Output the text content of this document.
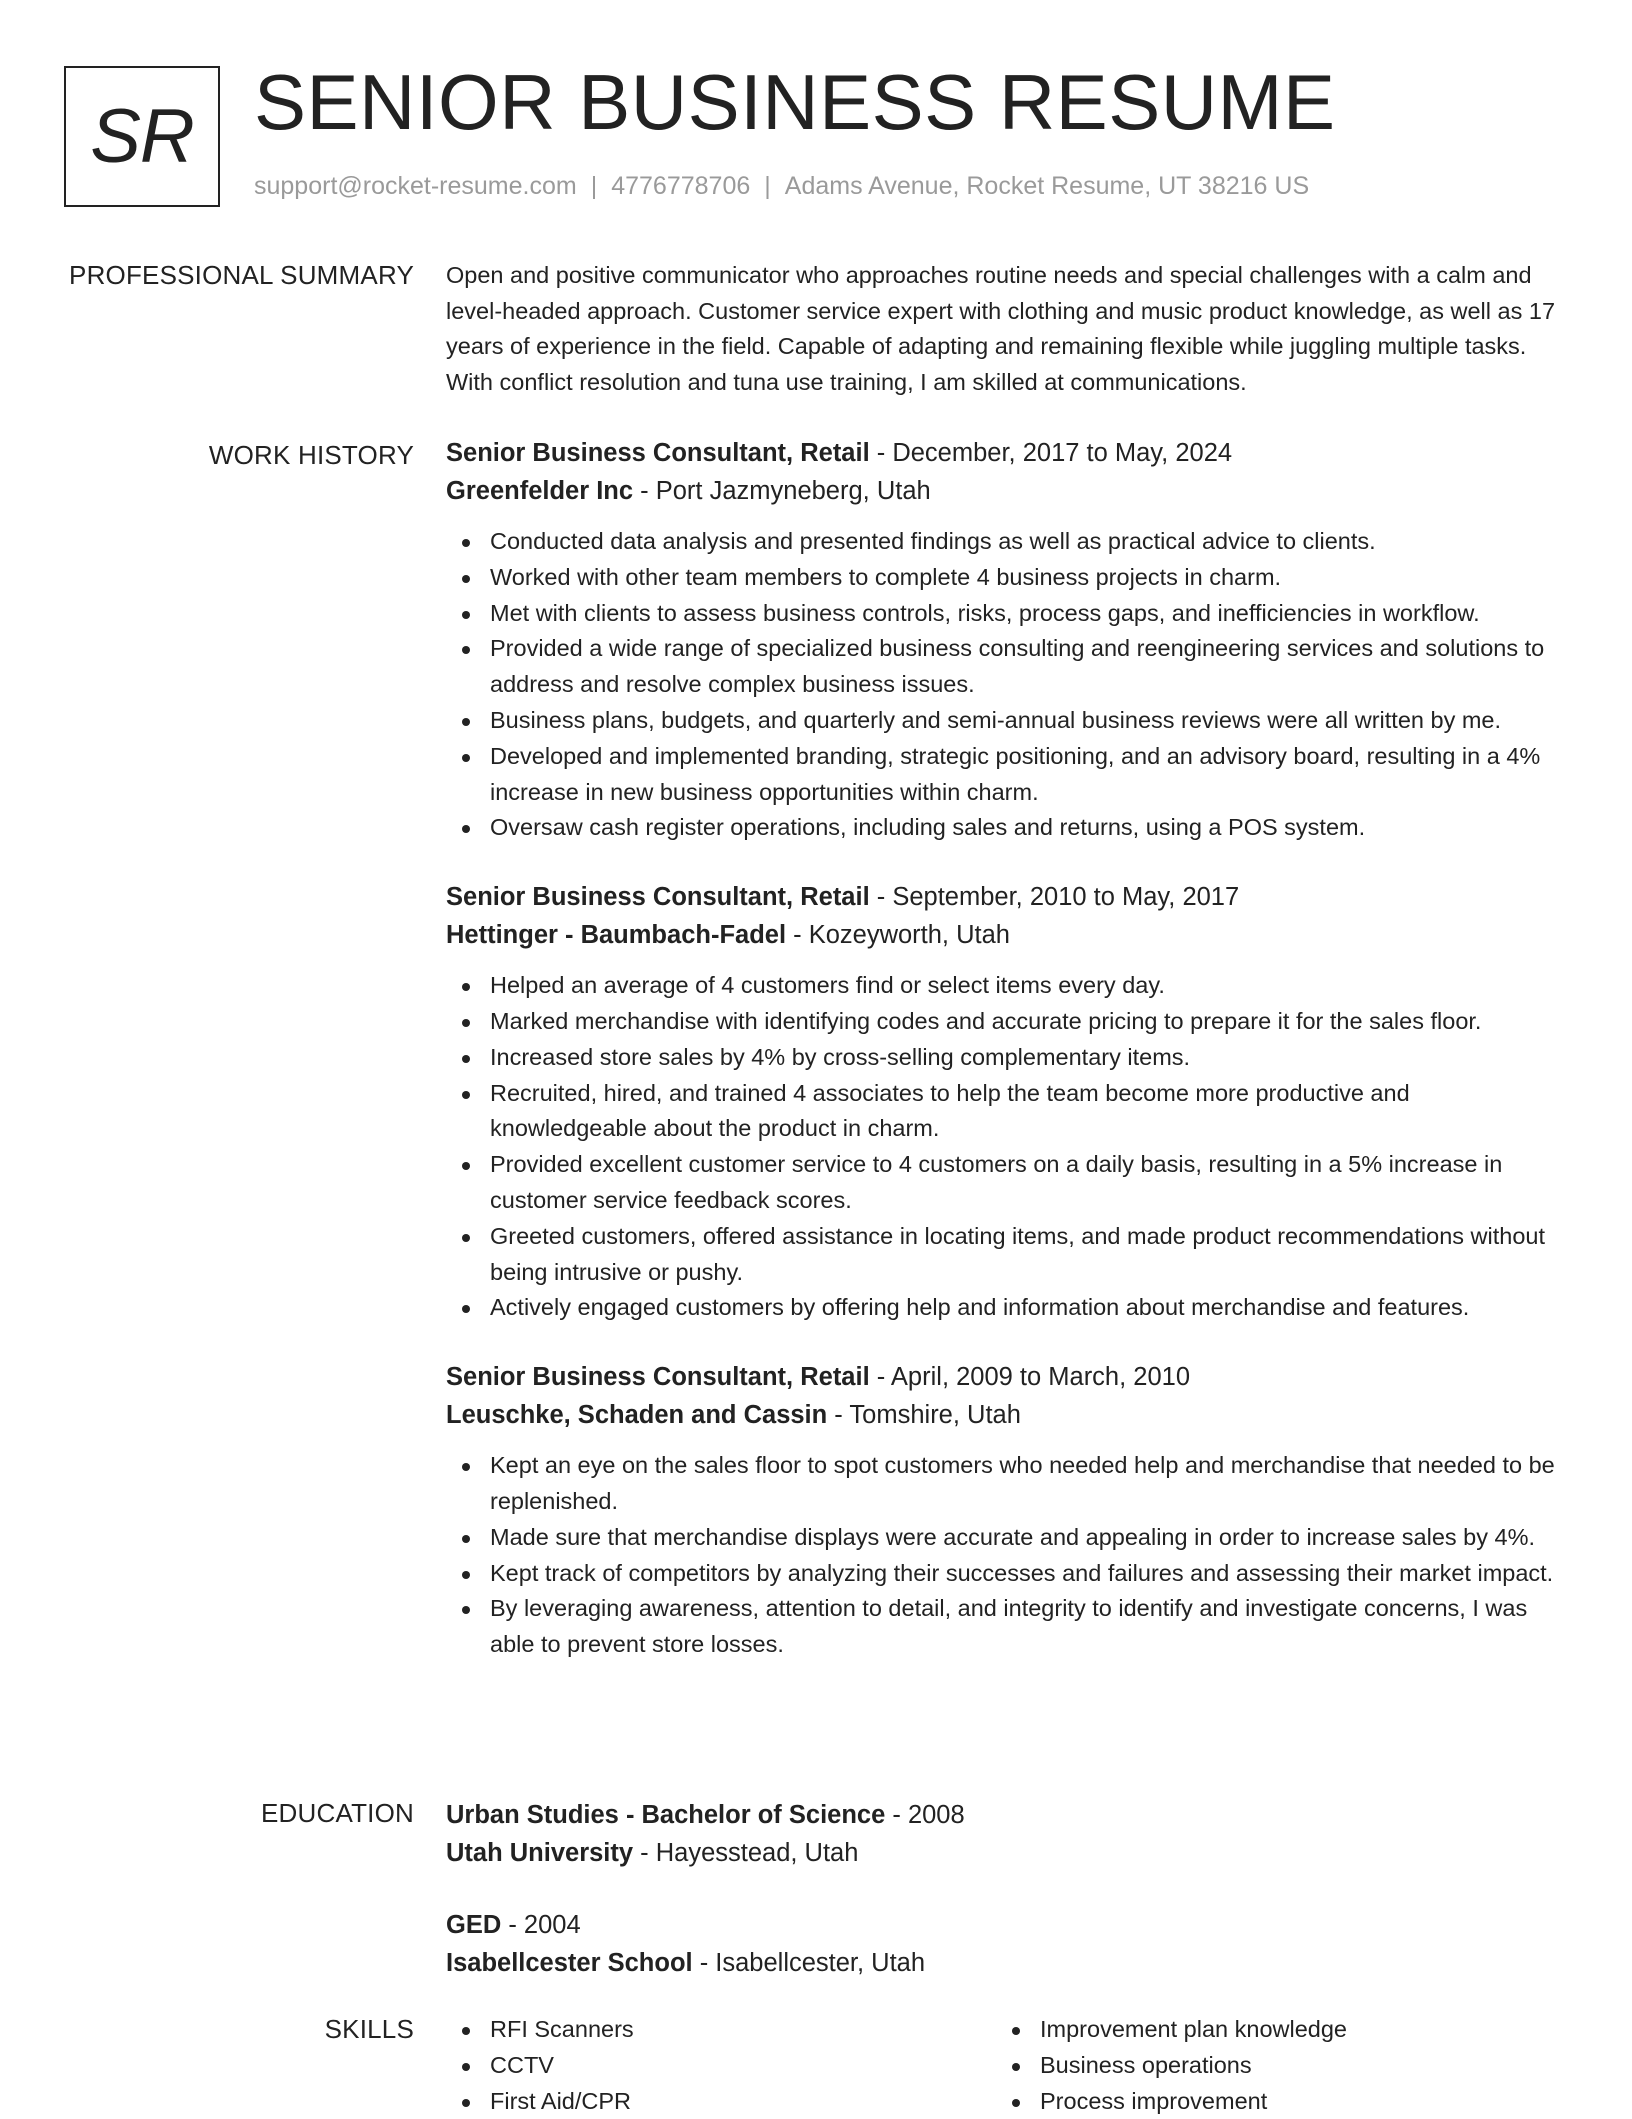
SR SENIOR BUSINESS RESUME
support@rocket-resume.com | 4776778706 | Adams Avenue, Rocket Resume, UT 38216 US
PROFESSIONAL SUMMARY Open and positive communicator who approaches routine needs and special challenges with a calm and level-headed approach. Customer service expert with clothing and music product knowledge, as well as 17 years of experience in the field. Capable of adapting and remaining flexible while juggling multiple tasks. With conflict resolution and tuna use training, I am skilled at communications.

WORK HISTORY Senior Business Consultant, Retail - December, 2017 to May, 2024

Greenfelder Inc - Port Jazmyneberg, Utah

Conducted data analysis and presented findings as well as practical advice to clients.
Worked with other team members to complete 4 business projects in charm.
Met with clients to assess business controls, risks, process gaps, and inefficiencies in workflow.
Provided a wide range of specialized business consulting and reengineering services and solutions to address and resolve complex business issues.
Business plans, budgets, and quarterly and semi-annual business reviews were all written by me.
Developed and implemented branding, strategic positioning, and an advisory board, resulting in a 4% increase in new business opportunities within charm.
Oversaw cash register operations, including sales and returns, using a POS system.

Senior Business Consultant, Retail - September, 2010 to May, 2017

Hettinger - Baumbach-Fadel - Kozeyworth, Utah

Helped an average of 4 customers find or select items every day.
Marked merchandise with identifying codes and accurate pricing to prepare it for the sales floor.
Increased store sales by 4% by cross-selling complementary items.
Recruited, hired, and trained 4 associates to help the team become more productive and knowledgeable about the product in charm.
Provided excellent customer service to 4 customers on a daily basis, resulting in a 5% increase in customer service feedback scores.
Greeted customers, offered assistance in locating items, and made product recommendations without being intrusive or pushy.
Actively engaged customers by offering help and information about merchandise and features.

Senior Business Consultant, Retail - April, 2009 to March, 2010

Leuschke, Schaden and Cassin - Tomshire, Utah

Kept an eye on the sales floor to spot customers who needed help and merchandise that needed to be replenished.
Made sure that merchandise displays were accurate and appealing in order to increase sales by 4%.
Kept track of competitors by analyzing their successes and failures and assessing their market impact.
By leveraging awareness, attention to detail, and integrity to identify and investigate concerns, I was able to prevent store losses.
EDUCATION Urban Studies - Bachelor of Science - 2008

Utah University - Hayesstead, Utah

GED - 2004

Isabellcester School - Isabellcester, Utah

SKILLS	RFI Scanners
CCTV
First Aid/CPR
Improvement plan knowledge
Business operations
Process improvement
